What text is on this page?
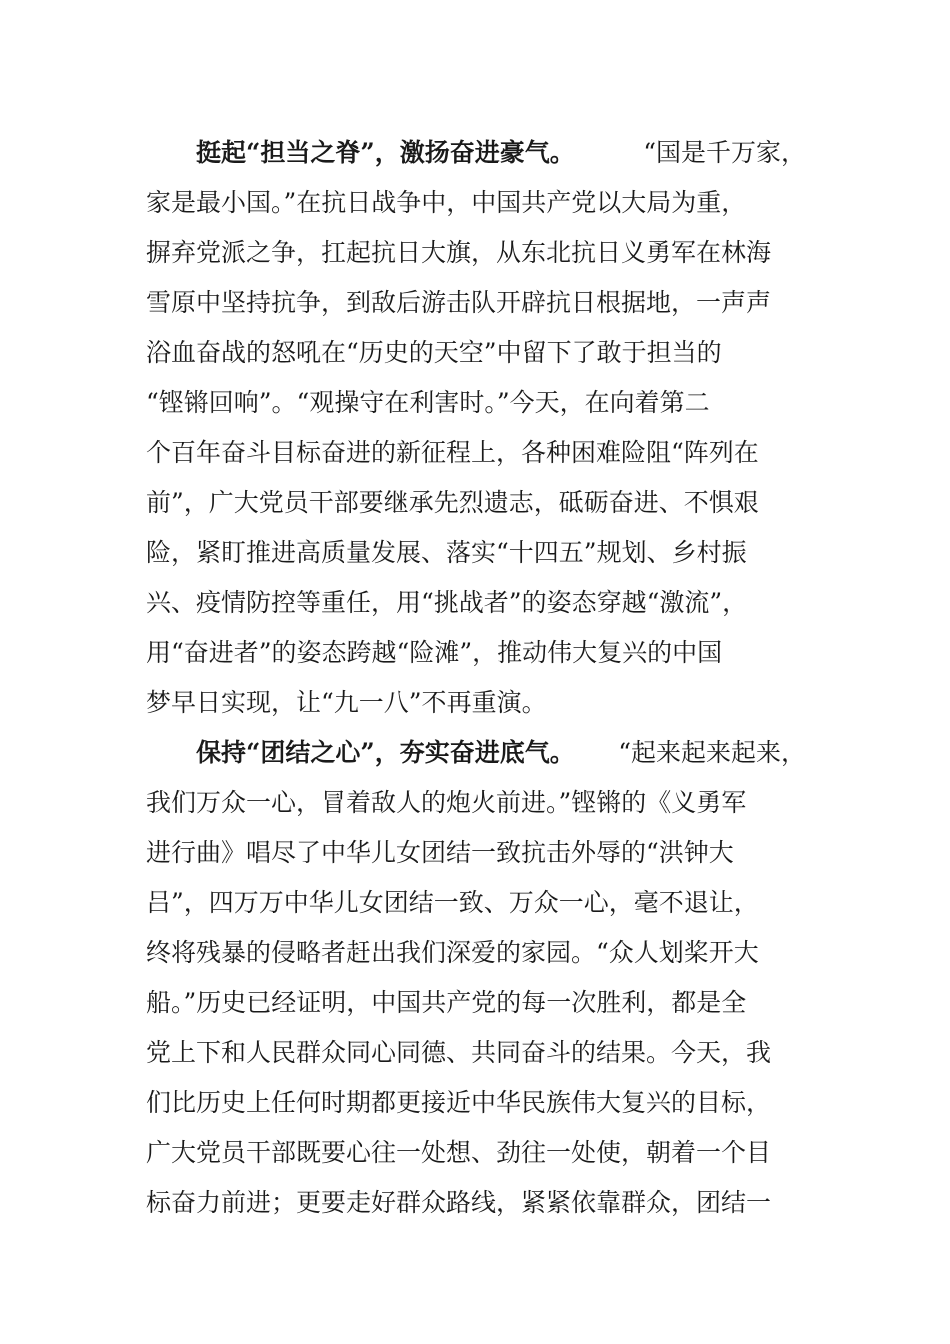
挺起“担当之脊”，激扬奋进豪气。	“国是千万家，
家是最小国。”在抗日战争中，中国共产党以大局为重，
摒弃党派之争，扛起抗日大旗，从东北抗日义勇军在林海
雪原中坚持抗争，到敌后游击队开辟抗日根据地，一声声
浴血奋战的怒吼在“历史的天空”中留下了敢于担当的
“铿锵回响”。“观操守在利害时。”今天，在向着第二
个百年奋斗目标奋进的新征程上，各种困难险阻“阵列在
前”，广大党员干部要继承先烈遗志，砥砺奋进、不惧艰
险，紧盯推进高质量发展、落实“十四五”规划、乡村振
兴、疫情防控等重任，用“挑战者”的姿态穿越“激流”，
用“奋进者”的姿态跨越“险滩”，推动伟大复兴的中国
梦早日实现，让“九一八”不再重演。
保持“团结之心”，夯实奋进底气。 “起来起来起来，
我们万众一心，冒着敌人的炮火前进。”铿锵的《义勇军
进行曲》唱尽了中华儿女团结一致抗击外辱的“洪钟大
吕”，四万万中华儿女团结一致、万众一心，毫不退让，
终将残暴的侵略者赶出我们深爱的家园。“众人划桨开大
船。”历史已经证明，中国共产党的每一次胜利，都是全
党上下和人民群众同心同德、共同奋斗的结果。今天，我
们比历史上任何时期都更接近中华民族伟大复兴的目标，
广大党员干部既要心往一处想、劲往一处使，朝着一个目
标奋力前进；更要走好群众路线，紧紧依靠群众，团结一
